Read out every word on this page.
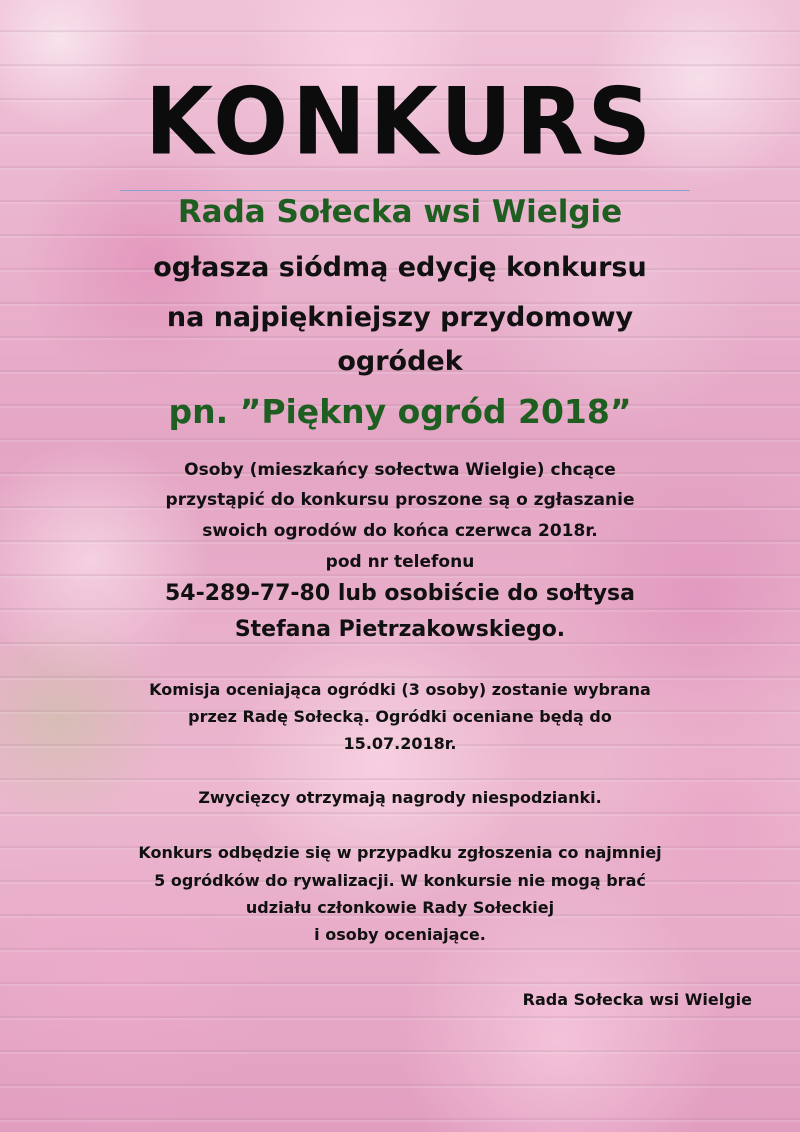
KONKURS
Rada Sołecka wsi Wielgie
ogłasza siódmą edycję konkursu
na najpiękniejszy przydomowy
ogródek
pn. ”Piękny ogród 2018”
Osoby (mieszkańcy sołectwa Wielgie) chcące
przystąpić do konkursu proszone są o zgłaszanie
swoich ogrodów do końca czerwca 2018r.
pod nr telefonu
54-289-77-80 lub osobiście do sołtysa
Stefana Pietrzakowskiego.
Komisja oceniająca ogródki (3 osoby) zostanie wybrana
przez Radę Sołecką. Ogródki oceniane będą do
15.07.2018r.
Zwycięzcy otrzymają nagrody niespodzianki.
Konkurs odbędzie się w przypadku zgłoszenia co najmniej
5 ogródków do rywalizacji. W konkursie nie mogą brać
udziału członkowie Rady Sołeckiej
i osoby oceniające.
Rada Sołecka wsi Wielgie
